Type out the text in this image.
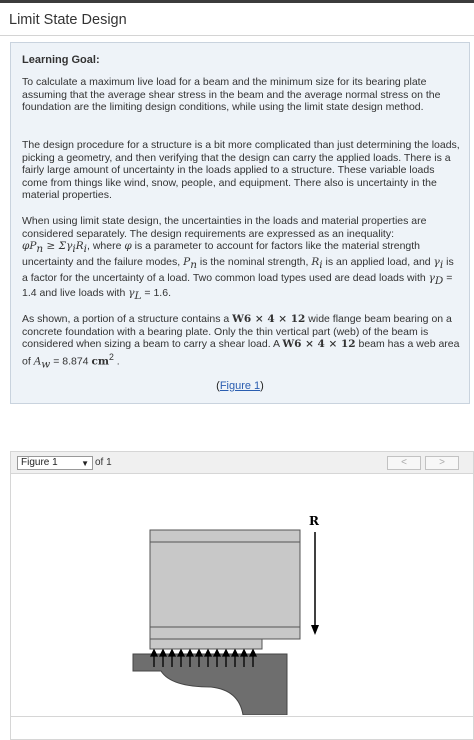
Limit State Design
Learning Goal:

To calculate a maximum live load for a beam and the minimum size for its bearing plate assuming that the average shear stress in the beam and the average normal stress on the foundation are the limiting design conditions, while using the limit state design method.

The design procedure for a structure is a bit more complicated than just determining the loads, picking a geometry, and then verifying that the design can carry the applied loads. There is a fairly large amount of uncertainty in the loads applied to a structure. These variable loads come from things like wind, snow, people, and equipment. There also is uncertainty in the material properties.

When using limit state design, the uncertainties in the loads and material properties are considered separately. The design requirements are expressed as an inequality:
$\varphi P_n \ge \Sigma\gamma_iR_i$, where φ is a parameter to account for factors like the material strength uncertainty and the failure modes, $P_n$ is the nominal strength, $R_i$ is an applied load, and $\gamma_i$ is a factor for the uncertainty of a load. Two common load types used are dead loads with $\gamma_D = 1.4$ and live loads with $\gamma_L = 1.6$.

As shown, a portion of a structure contains a W6 × 4 × 12 wide flange beam bearing on a concrete foundation with a bearing plate. Only the thin vertical part (web) of the beam is considered when sizing a beam to carry a shear load. A W6 × 4 × 12 beam has a web area of $A_w = 8.874$ $cm^2$ .

(Figure 1)
Figure 1	▼ of 1	<	>
R
